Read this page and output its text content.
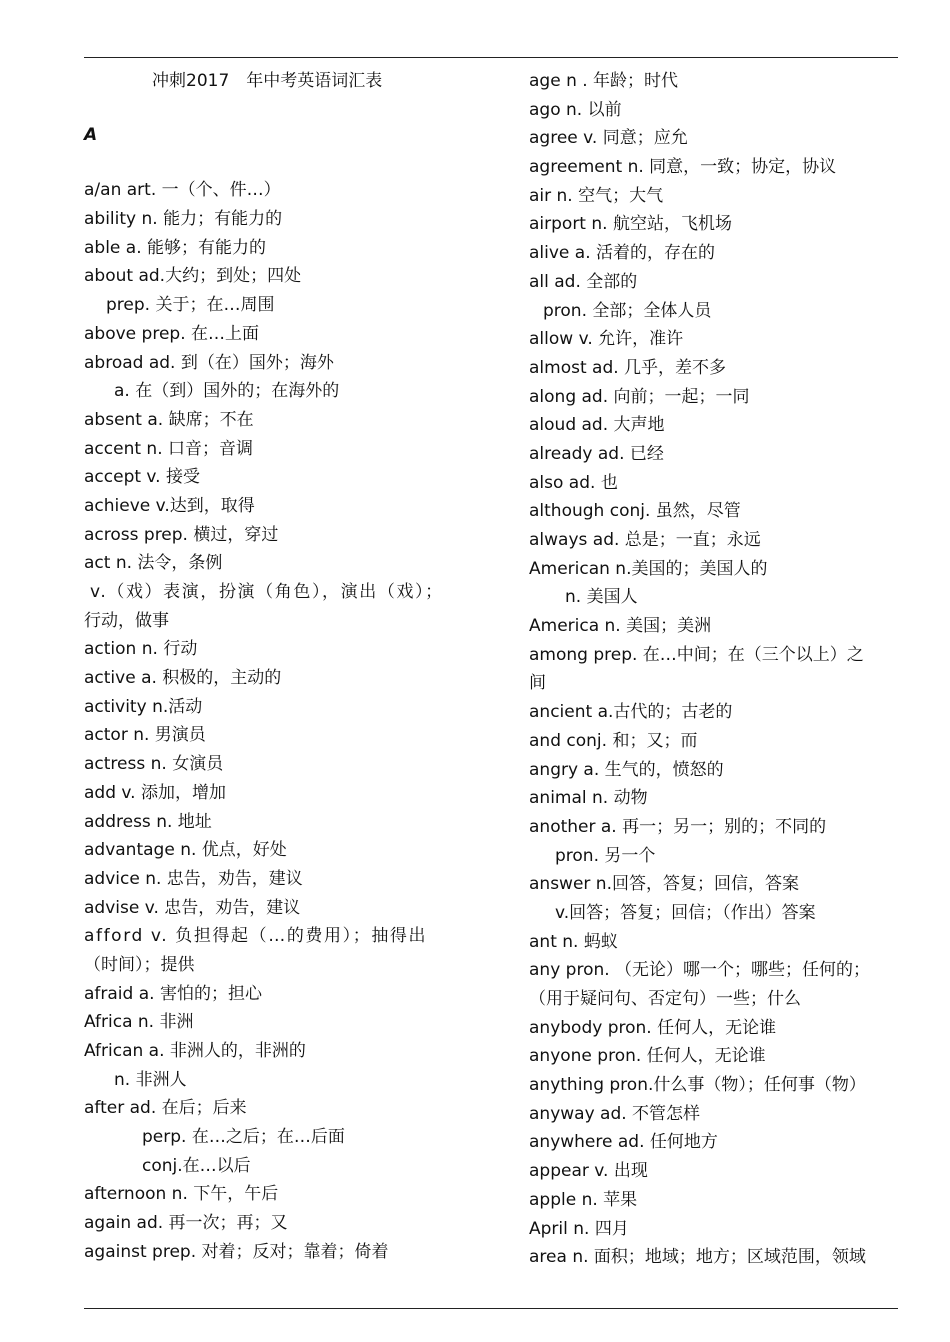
冲刺2017　年中考英语词汇表
A
a/an art. 一（个、件…）
ability n. 能力；有能力的
able a. 能够；有能力的
about ad.大约；到处；四处
prep. 关于；在…周围
above prep. 在…上面
abroad ad. 到（在）国外；海外
a. 在（到）国外的；在海外的
absent a. 缺席；不在
accent n. 口音；音调
accept v. 接受
achieve v.达到，取得
across prep. 横过，穿过
act n. 法令，条例
v.（戏）表演，扮演（角色），演出（戏）；
行动，做事
action n. 行动
active a. 积极的，主动的
activity n.活动
actor n. 男演员
actress n. 女演员
add v. 添加，增加
address n. 地址
advantage n. 优点，好处
advice n. 忠告，劝告，建议
advise v. 忠告，劝告，建议
afford v. 负担得起（…的费用）；抽得出
（时间）；提供
afraid a. 害怕的；担心
Africa n. 非洲
African a. 非洲人的，非洲的
n. 非洲人
after ad. 在后；后来
perp. 在…之后；在…后面
conj.在…以后
afternoon n. 下午，午后
again ad. 再一次；再；又
against prep. 对着；反对；靠着；倚着
age n . 年龄；时代
ago n. 以前
agree v. 同意；应允
agreement n. 同意，一致；协定，协议
air n. 空气；大气
airport n. 航空站，飞机场
alive a. 活着的，存在的
all ad. 全部的
pron. 全部；全体人员
allow v. 允许，准许
almost ad. 几乎，差不多
along ad. 向前；一起；一同
aloud ad. 大声地
already ad. 已经
also ad. 也
although conj. 虽然，尽管
always ad. 总是；一直；永远
American n.美国的；美国人的
n. 美国人
America n. 美国；美洲
among prep. 在…中间；在（三个以上）之
间
ancient a.古代的；古老的
and conj. 和；又；而
angry a. 生气的，愤怒的
animal n. 动物
another a. 再一；另一；别的；不同的
pron. 另一个
answer n.回答，答复；回信，答案
v.回答；答复；回信；（作出）答案
ant n. 蚂蚁
any pron. （无论）哪一个；哪些；任何的；
（用于疑问句、否定句）一些；什么
anybody pron. 任何人，无论谁
anyone pron. 任何人，无论谁
anything pron.什么事（物）；任何事（物）
anyway ad. 不管怎样
anywhere ad. 任何地方
appear v. 出现
apple n. 苹果
April n. 四月
area n. 面积；地域；地方；区域范围，领域
